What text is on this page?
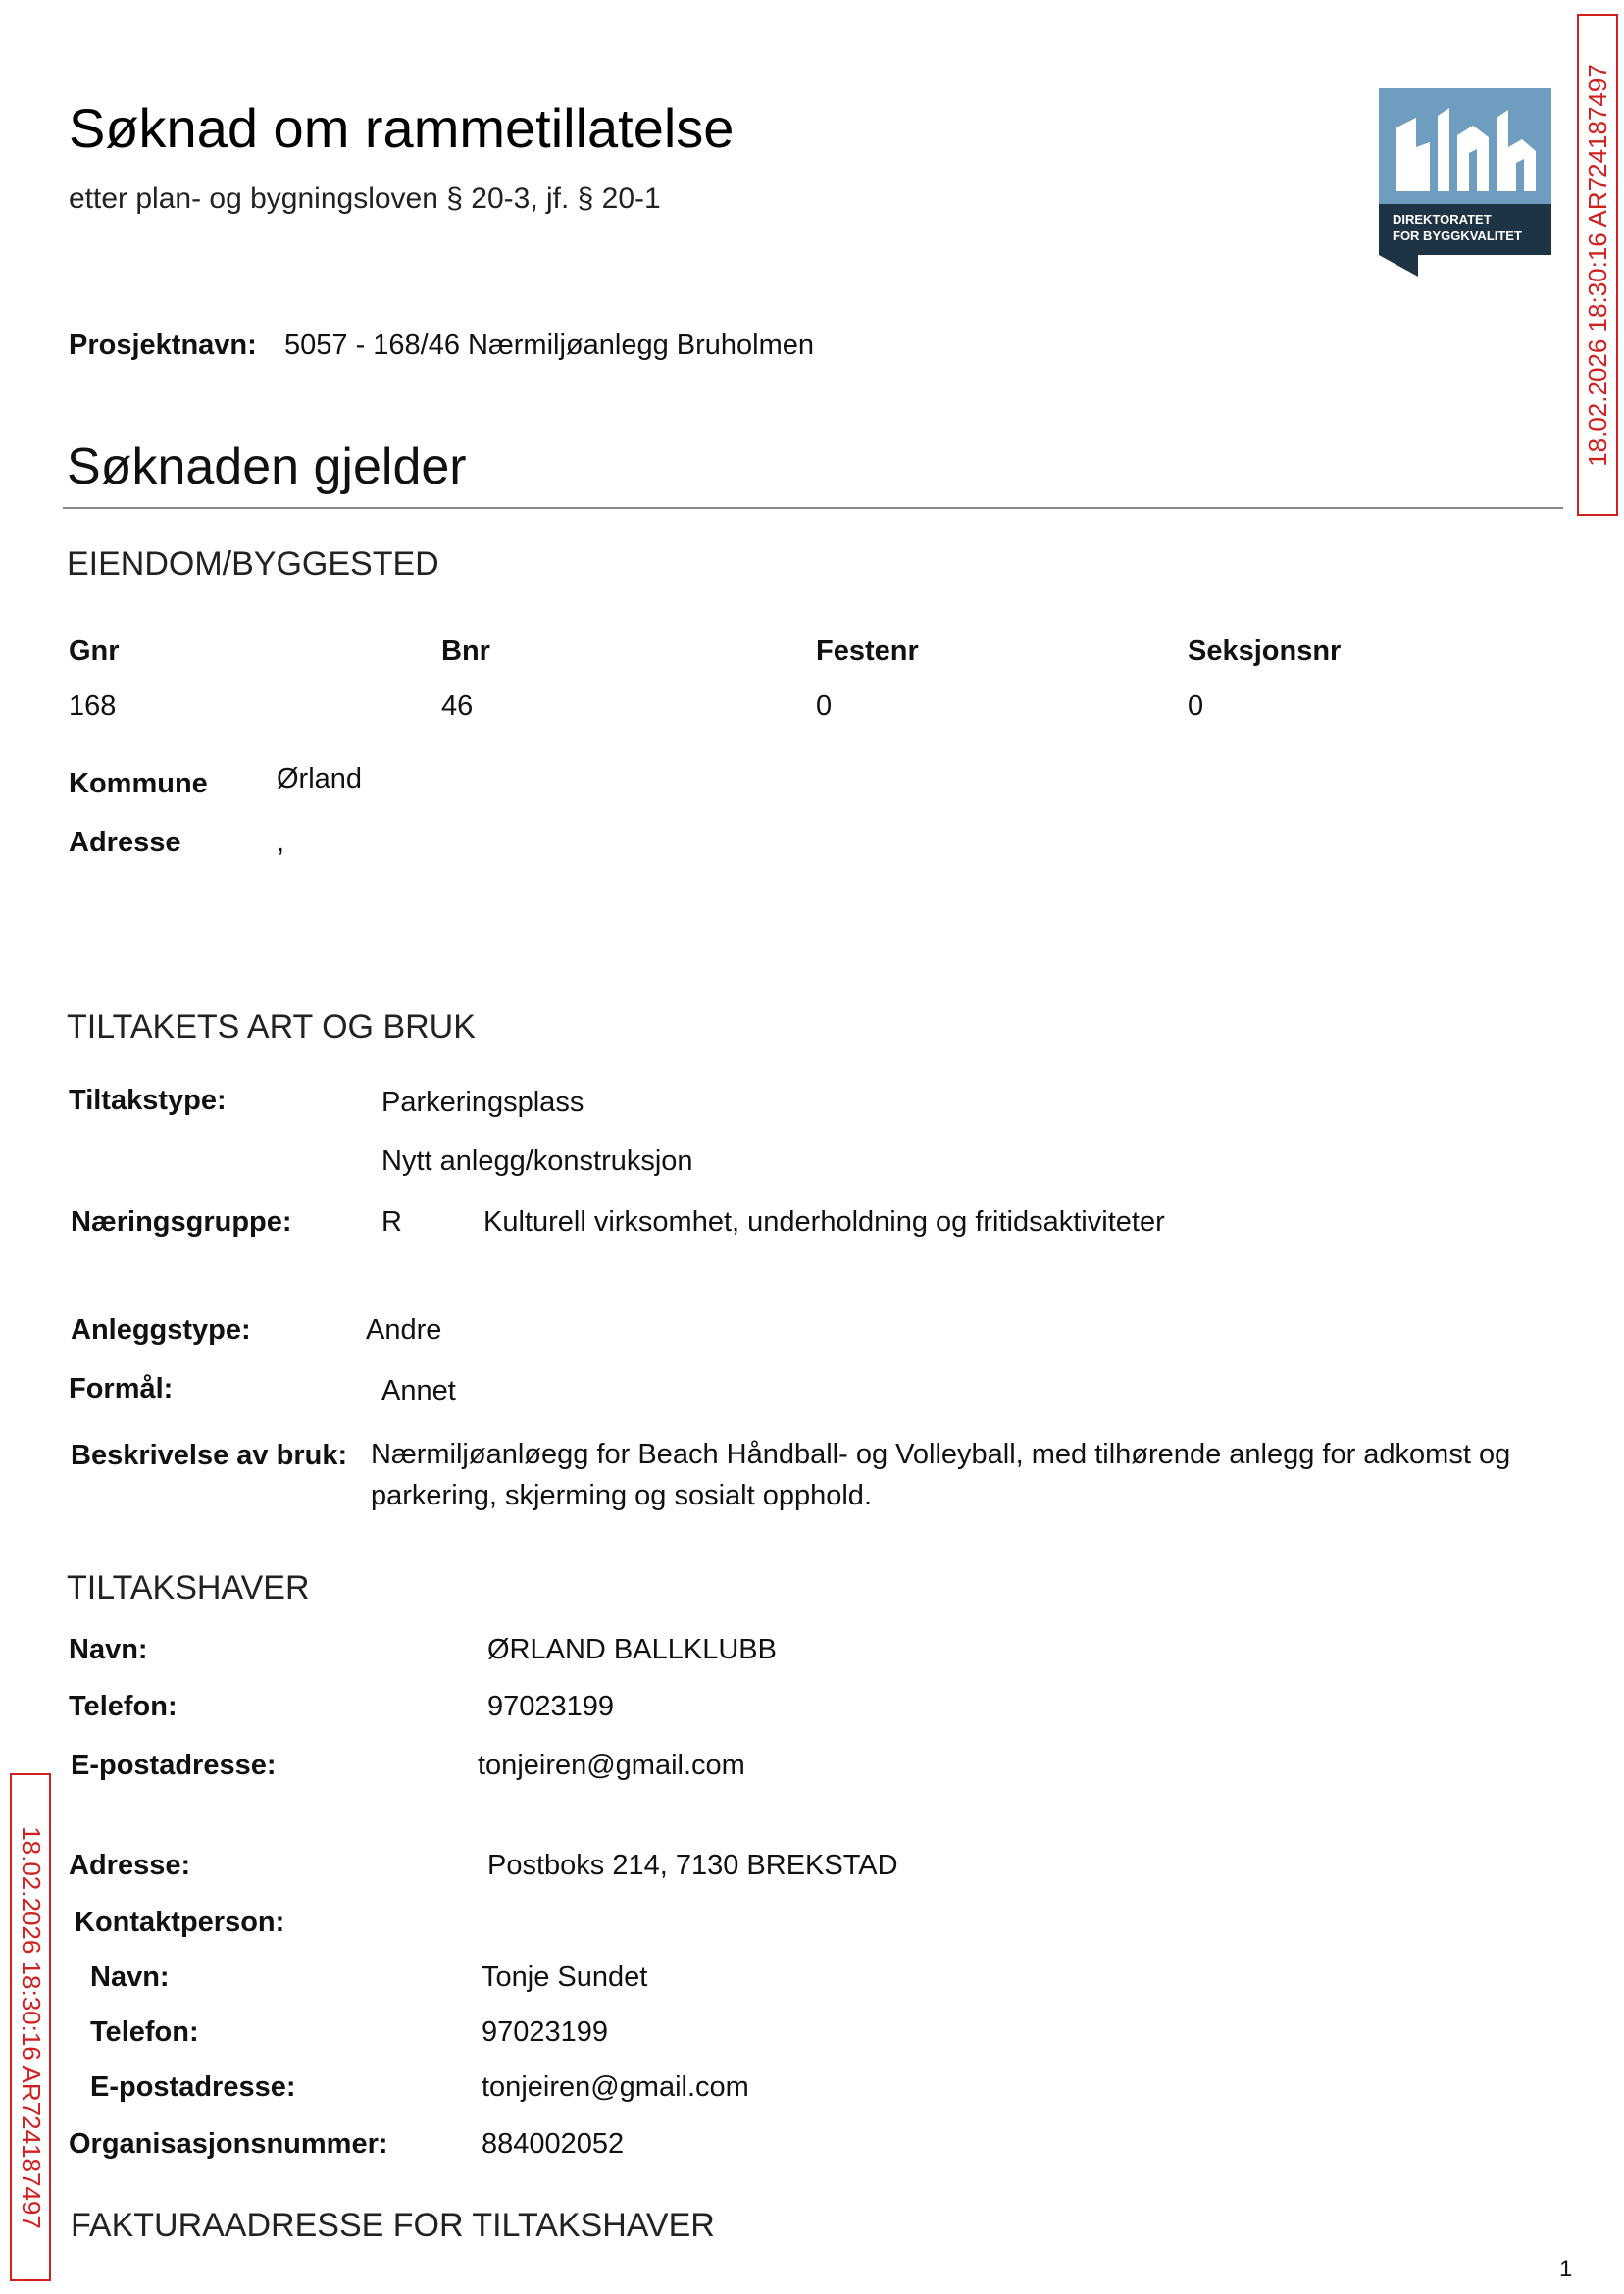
Søknad om rammetillatelse
etter plan- og bygningsloven § 20-3, jf. § 20-1
DIREKTORATET
FOR BYGGKVALITET 18.02.2026 18:30:16 AR724187497
18.02.2026 18:30:16 AR724187497
Prosjektnavn: 5057 - 168/46 Nærmiljøanlegg Bruholmen
Søknaden gjelder
EIENDOM/BYGGESTED
Gnr	Bnr	Festenr	Seksjonsnr
168	46	0	0
Kommune Ørland
Adresse	,
TILTAKETS ART OG BRUK
Tiltakstype:	Parkeringsplass
Nytt anlegg/konstruksjon
Næringsgruppe:	R	Kulturell virksomhet, underholdning og fritidsaktiviteter
Anleggstype:	Andre
Formål:	Annet
Beskrivelse av bruk: Nærmiljøanløegg for Beach Håndball- og Volleyball, med tilhørende anlegg for adkomst og parkering, skjerming og sosialt opphold.
TILTAKSHAVER
Navn:	ØRLAND BALLKLUBB
Telefon:	97023199
E-postadresse:	tonjeiren@gmail.com
Adresse:	Postboks 214, 7130 BREKSTAD
Kontaktperson:
Navn:	Tonje Sundet
Telefon:	97023199
E-postadresse:	tonjeiren@gmail.com
Organisasjonsnummer:	884002052
FAKTURAADRESSE FOR TILTAKSHAVER
1
